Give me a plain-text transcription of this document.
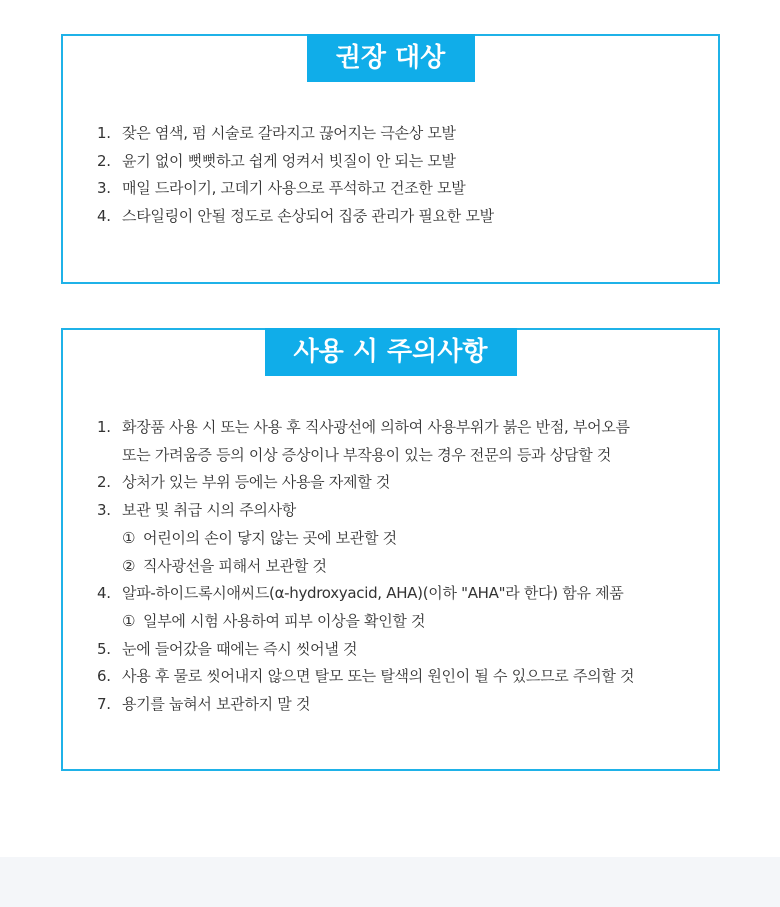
권장 대상
1. 잦은 염색, 펌 시술로 갈라지고 끊어지는 극손상 모발
2. 윤기 없이 뻣뻣하고 쉽게 엉켜서 빗질이 안 되는 모발
3. 매일 드라이기, 고데기 사용으로 푸석하고 건조한 모발
4. 스타일링이 안될 정도로 손상되어 집중 관리가 필요한 모발
사용 시 주의사항
1. 화장품 사용 시 또는 사용 후 직사광선에 의하여 사용부위가 붉은 반점, 부어오름
또는 가려움증 등의 이상 증상이나 부작용이 있는 경우 전문의 등과 상담할 것
2. 상처가 있는 부위 등에는 사용을 자제할 것
3. 보관 및 취급 시의 주의사항
① 어린이의 손이 닿지 않는 곳에 보관할 것
② 직사광선을 피해서 보관할 것
4. 알파-하이드록시애씨드(α-hydroxyacid, AHA)(이하 "AHA"라 한다) 함유 제품
① 일부에 시험 사용하여 피부 이상을 확인할 것
5. 눈에 들어갔을 때에는 즉시 씻어낼 것
6. 사용 후 물로 씻어내지 않으면 탈모 또는 탈색의 원인이 될 수 있으므로 주의할 것
7. 용기를 눕혀서 보관하지 말 것
